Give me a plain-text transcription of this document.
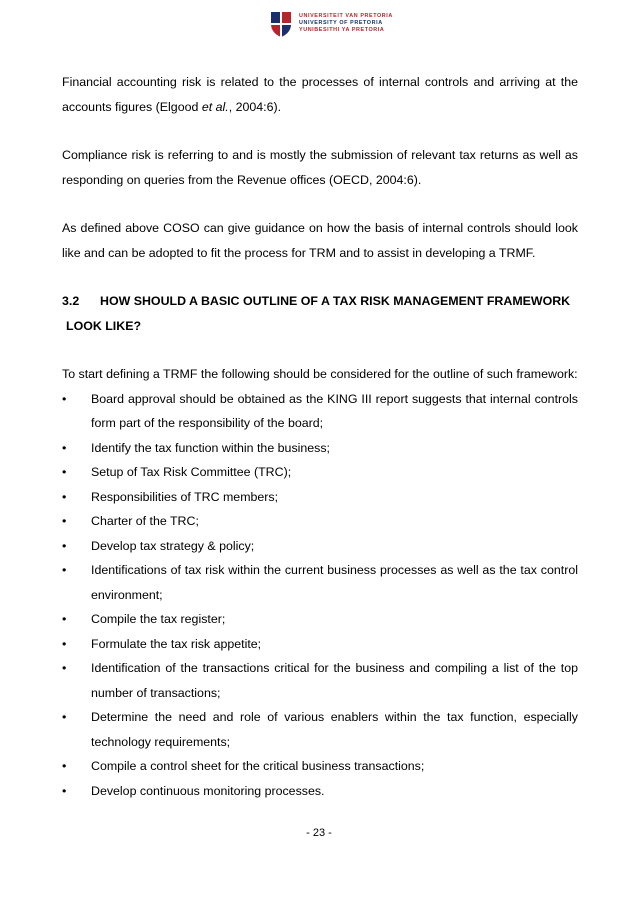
UNIVERSITEIT VAN PRETORIA
UNIVERSITY OF PRETORIA
YUNIBESITHI YA PRETORIA

Financial accounting risk is related to the processes of internal controls and arriving at the accounts figures (Elgood et al., 2004:6).

Compliance risk is referring to and is mostly the submission of relevant tax returns as well as responding on queries from the Revenue offices (OECD, 2004:6).

As defined above COSO can give guidance on how the basis of internal controls should look like and can be adopted to fit the process for TRM and to assist in developing a TRMF.

3.2 HOW SHOULD A BASIC OUTLINE OF A TAX RISK MANAGEMENT FRAMEWORK
LOOK LIKE?

To start defining a TRMF the following should be considered for the outline of such framework:

•	Board approval should be obtained as the KING III report suggests that internal controls form part of the responsibility of the board;
•	Identify the tax function within the business;
•	Setup of Tax Risk Committee (TRC);
•	Responsibilities of TRC members;
•	Charter of the TRC;
•	Develop tax strategy & policy;
•	Identifications of tax risk within the current business processes as well as the tax control environment;
•	Compile the tax register;
•	Formulate the tax risk appetite;
•	Identification of the transactions critical for the business and compiling a list of the top number of transactions;
•	Determine the need and role of various enablers within the tax function, especially technology requirements;
•	Compile a control sheet for the critical business transactions;
•	Develop continuous monitoring processes.
- 23 -
